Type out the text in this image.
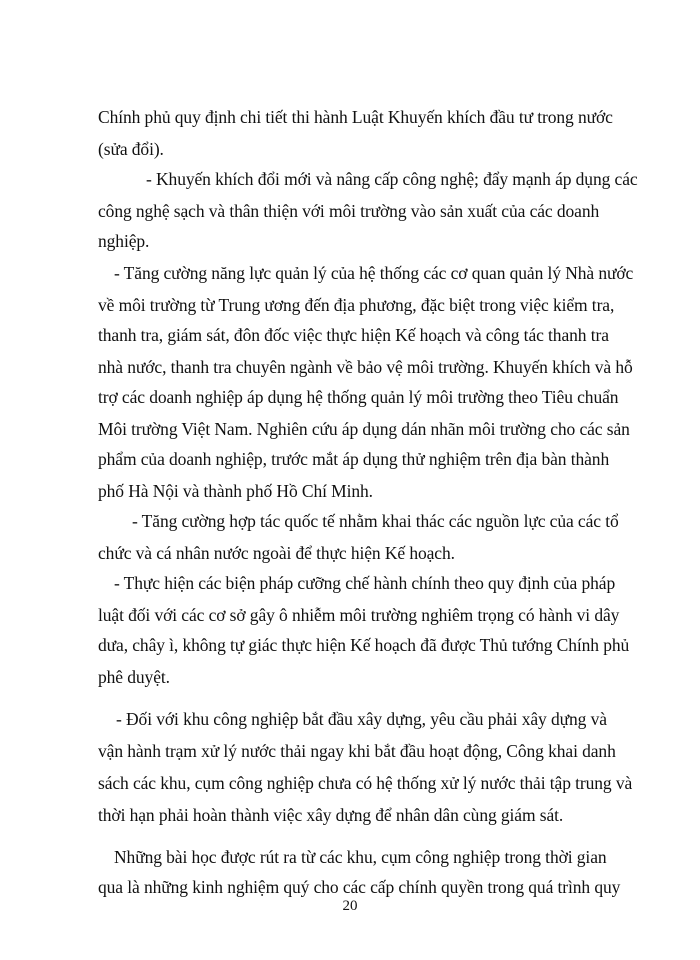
Chính phủ quy định chi tiết thi hành Luật Khuyến khích đầu tư trong nước

(sửa đổi).

- Khuyến khích đổi mới và nâng cấp công nghệ; đẩy mạnh áp dụng các

công nghệ sạch và thân thiện với môi trường vào sản xuất của các doanh

nghiệp.

- Tăng cường năng lực quản lý của hệ thống các cơ quan quản lý Nhà nước

về môi trường từ Trung ương đến địa phương, đặc biệt trong việc kiểm tra,

thanh tra, giám sát, đôn đốc việc thực hiện Kế hoạch và công tác thanh tra

nhà nước, thanh tra chuyên ngành về bảo vệ môi trường. Khuyến khích và hỗ

trợ các doanh nghiệp áp dụng hệ thống quản lý môi trường theo Tiêu chuẩn

Môi trường Việt Nam. Nghiên cứu áp dụng dán nhãn môi trường cho các sản

phẩm của doanh nghiệp, trước mắt áp dụng thử nghiệm trên địa bàn thành

phố Hà Nội và thành phố Hồ Chí Minh.

- Tăng cường hợp tác quốc tế nhằm khai thác các nguồn lực của các tổ

chức và cá nhân nước ngoài để thực hiện Kế hoạch.

- Thực hiện các biện pháp cưỡng chế hành chính theo quy định của pháp

luật đối với các cơ sở gây ô nhiễm môi trường nghiêm trọng có hành vi dây

dưa, chây ì, không tự giác thực hiện Kế hoạch đã được Thủ tướng Chính phủ

phê duyệt.

- Đối với khu công nghiệp bắt đầu xây dựng, yêu cầu phải xây dựng và

vận hành trạm xử lý nước thải ngay khi bắt đầu hoạt động, Công khai danh

sách các khu, cụm công nghiệp chưa có hệ thống xử lý nước thải tập trung và

thời hạn phải hoàn thành việc xây dựng để nhân dân cùng giám sát.

Những bài học được rút ra từ các khu, cụm công nghiệp trong thời gian

qua là những kinh nghiệm quý cho các cấp chính quyền trong quá trình quy

20
